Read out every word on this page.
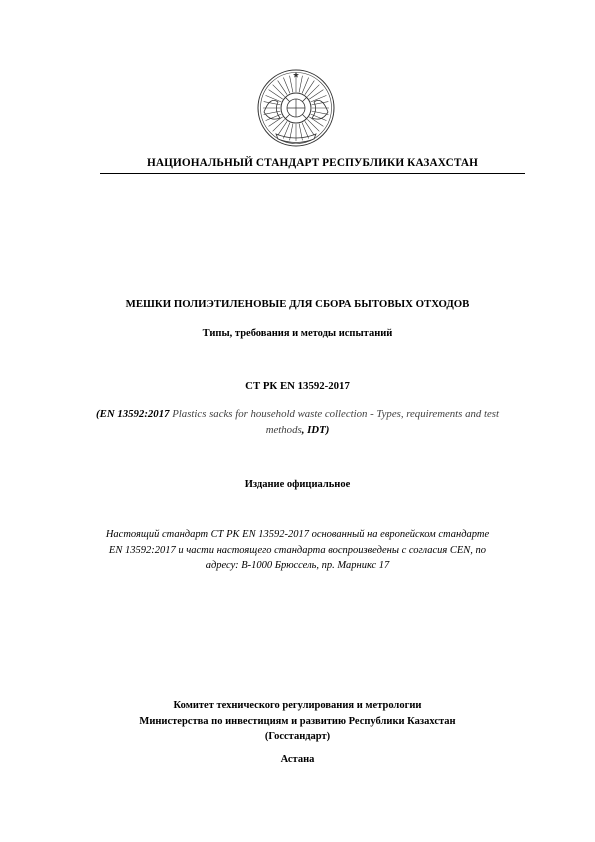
НАЦИОНАЛЬНЫЙ СТАНДАРТ РЕСПУБЛИКИ КАЗАХСТАН
МЕШКИ ПОЛИЭТИЛЕНОВЫЕ ДЛЯ СБОРА БЫТОВЫХ ОТХОДОВ
Типы, требования и методы испытаний
СТ РК EN 13592-2017
(EN 13592:2017 Plastics sacks for household waste collection - Types, requirements and test
methods, IDT)
Издание официальное
Настоящий стандарт СТ РК EN 13592-2017 основанный на европейском стандарте
EN 13592:2017 и части настоящего стандарта воспроизведены с согласия CEN, по
адресу: B-1000 Брюссель, пр. Марникс 17
Комитет технического регулирования и метрологии
Министерства по инвестициям и развитию Республики Казахстан
(Госстандарт)
Астана
